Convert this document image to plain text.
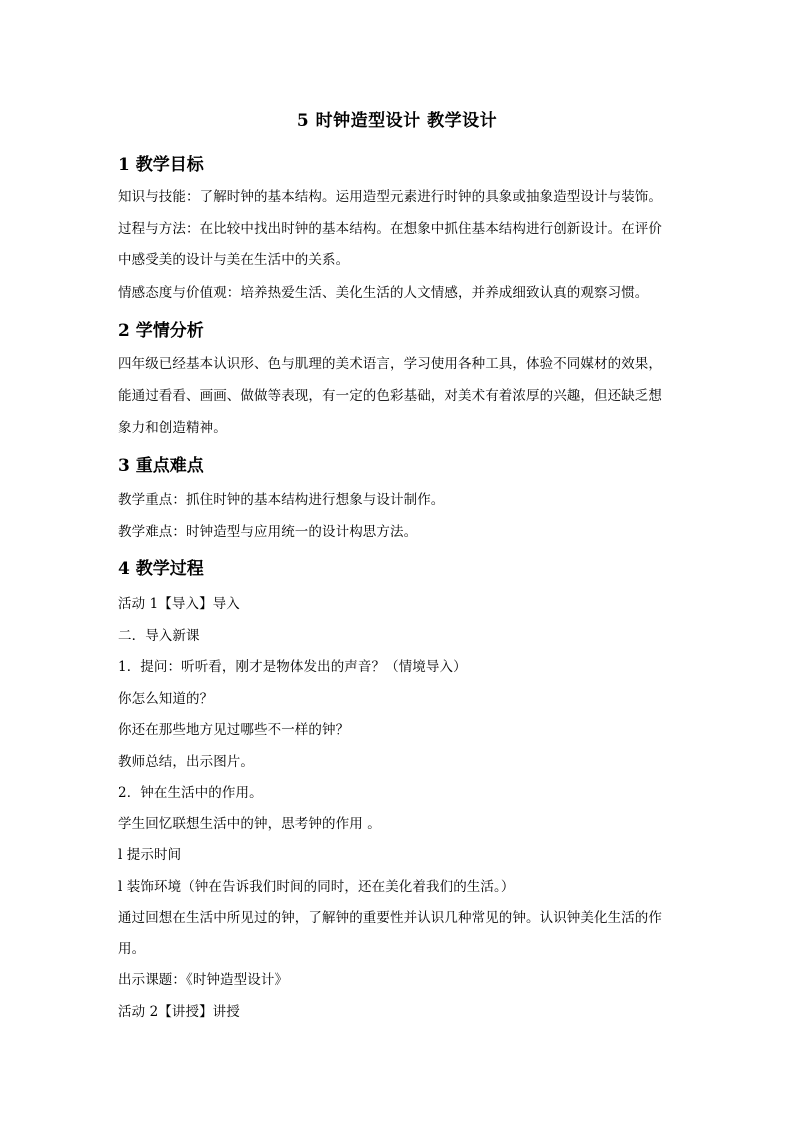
5 时钟造型设计 教学设计
1 教学目标
知识与技能：了解时钟的基本结构。运用造型元素进行时钟的具象或抽象造型设计与装饰。
过程与方法：在比较中找出时钟的基本结构。在想象中抓住基本结构进行创新设计。在评价
中感受美的设计与美在生活中的关系。
情感态度与价值观：培养热爱生活、美化生活的人文情感，并养成细致认真的观察习惯。
2 学情分析
四年级已经基本认识形、色与肌理的美术语言，学习使用各种工具，体验不同媒材的效果，
能通过看看、画画、做做等表现，有一定的色彩基础，对美术有着浓厚的兴趣，但还缺乏想
象力和创造精神。
3 重点难点
教学重点：抓住时钟的基本结构进行想象与设计制作。
教学难点：时钟造型与应用统一的设计构思方法。
4 教学过程
活动 1【导入】导入
二．导入新课
1．提问：听听看，刚才是物体发出的声音？（情境导入）
你怎么知道的？
你还在那些地方见过哪些不一样的钟？
教师总结，出示图片。
2．钟在生活中的作用。
学生回忆联想生活中的钟，思考钟的作用 。
l 提示时间
l 装饰环境（钟在告诉我们时间的同时，还在美化着我们的生活。）
通过回想在生活中所见过的钟，了解钟的重要性并认识几种常见的钟。认识钟美化生活的作
用。
出示课题：《时钟造型设计》
活动 2【讲授】讲授
